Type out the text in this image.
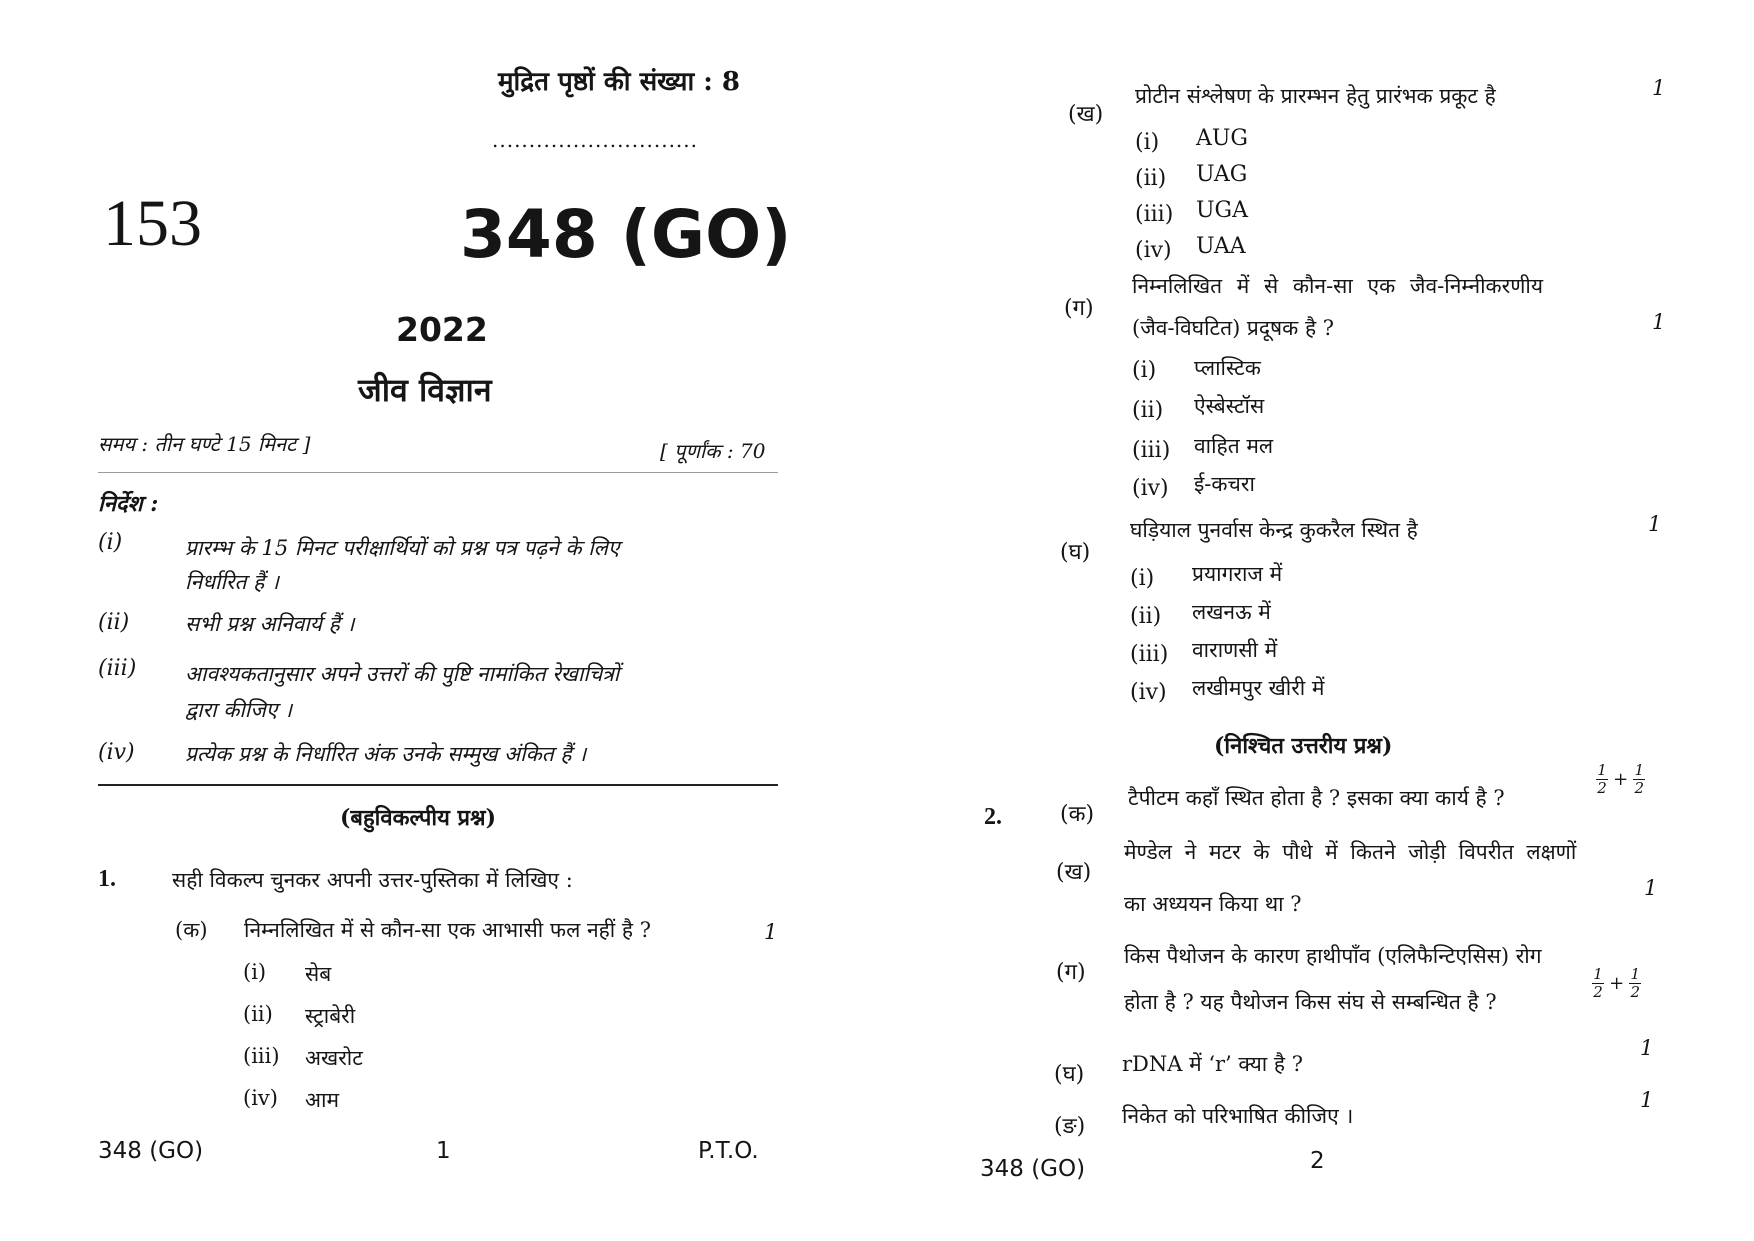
मुद्रित पृष्ठों की संख्या : 8
............................
153	348 (GO)
2022
जीव विज्ञान
समय : तीन घण्टे 15 मिनट ]	[ पूर्णांक : 70
निर्देश :
(i)	प्रारम्भ के 15 मिनट परीक्षार्थियों को प्रश्न पत्र पढ़ने के लिए
निर्धारित हैं ।
(ii)	सभी प्रश्न अनिवार्य हैं ।
(iii) आवश्यकतानुसार अपने उत्तरों की पुष्टि नामांकित रेखाचित्रों
द्वारा कीजिए ।
(iv) प्रत्येक प्रश्न के निर्धारित अंक उनके सम्मुख अंकित हैं ।
(बहुविकल्पीय प्रश्न)
1.	सही विकल्प चुनकर अपनी उत्तर-पुस्तिका में लिखिए :
(क) निम्नलिखित में से कौन-सा एक आभासी फल नहीं है ?	1
(i) सेब
(ii) स्ट्राबेरी
(iii) अखरोट
(iv) आम
348 (GO)	1	P.T.O.
(ख)
प्रोटीन संश्लेषण के प्रारम्भन हेतु प्रारंभक प्रकूट है	1
(i) AUG
(ii) UAG
(iii) UGA
(iv) UAA
(ग)
निम्नलिखित में से कौन-सा एक जैव-निम्नीकरणीय
(जैव-विघटित) प्रदूषक है ?	1
(i) प्लास्टिक
(ii) ऐस्बेस्टॉस
(iii) वाहित मल
(iv) ई-कचरा
(घ)
घड़ियाल पुनर्वास केन्द्र कुकरैल स्थित है	1
(i) प्रयागराज में
(ii) लखनऊ में
(iii) वाराणसी में
(iv) लखीमपुर खीरी में
(निश्चित उत्तरीय प्रश्न)
2.	(क)
टैपीटम कहाँ स्थित होता है ? इसका क्या कार्य है ?
$\frac{1}{2} + \frac{1}{2}$
(ख)
मेण्डेल ने मटर के पौधे में कितने जोड़ी विपरीत लक्षणों
का अध्ययन किया था ?
1
(ग)
किस पैथोजन के कारण हाथीपाँव (एलिफैन्टिएसिस) रोग
होता है ? यह पैथोजन किस संघ से सम्बन्धित है ?
$\frac{1}{2} + \frac{1}{2}$
(घ) rDNA में ‘r’ क्या है ?
1
(ङ) निकेत को परिभाषित कीजिए ।
1
348 (GO)	2
